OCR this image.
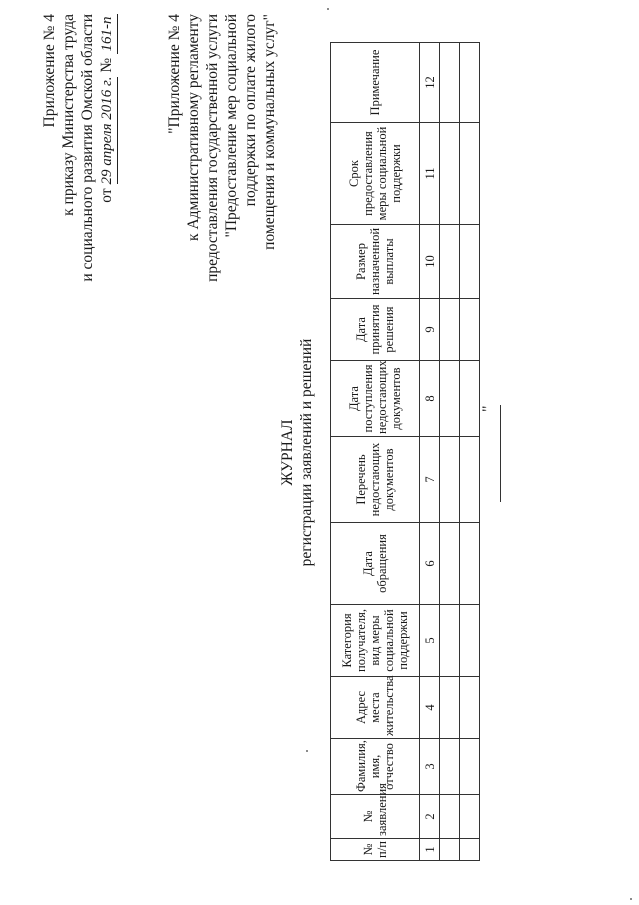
Приложение № 4 к приказу Министерства труда и социального развития Омской области от 29 апреля 2016 г. № 161-п	"Приложение № 4 к Административному регламенту предоставления государственной услуги "Предоставление мер социальной поддержки по оплате жилого помещения и коммунальных услуг"
ЖУРНАЛ регистрации заявлений и решений
№ п/п	№ заявления	Фамилия, имя, отчество	Адрес места жительства	Категория получателя, вид меры социальной поддержки	Дата обращения	Перечень недостающих документов	Дата поступления недостающих документов	Дата принятия решения	Размер назначенной выплаты	Срок предоставления меры социальной поддержки	Примечание
1	2	3	4	5	6	7	8	9	10	11	12

"
